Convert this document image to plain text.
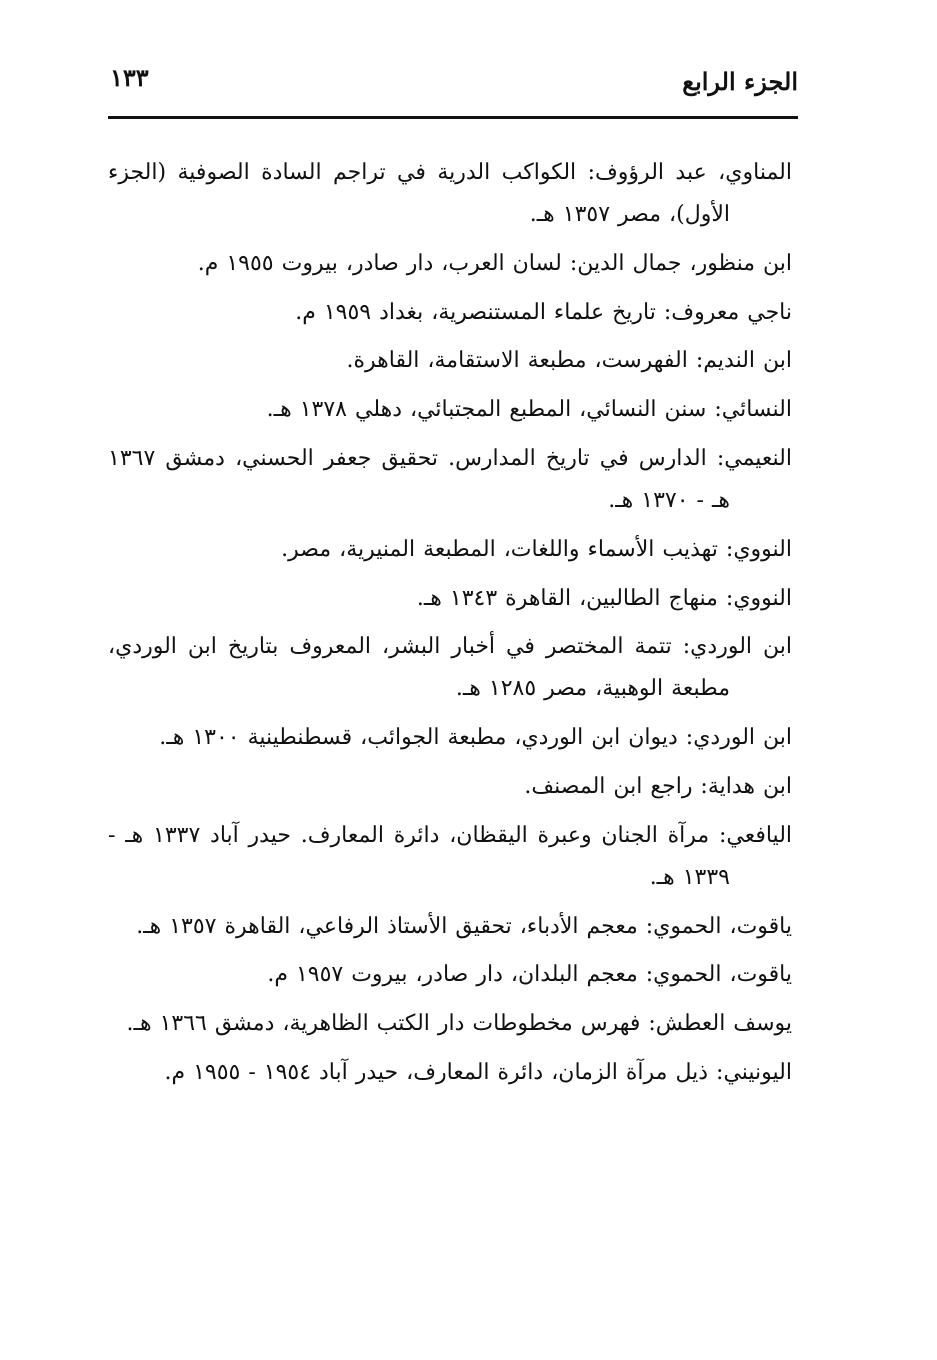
الجزء الرابع
١٣٣
المناوي، عبد الرؤوف: الكواكب الدرية في تراجم السادة الصوفية (الجزء الأول)، مصر ١٣٥٧ هـ.
ابن منظور، جمال الدين: لسان العرب، دار صادر، بيروت ١٩٥٥ م.
ناجي معروف: تاريخ علماء المستنصرية، بغداد ١٩٥٩ م.
ابن النديم: الفهرست، مطبعة الاستقامة، القاهرة.
النسائي: سنن النسائي، المطبع المجتبائي، دهلي ١٣٧٨ هـ.
النعيمي: الدارس في تاريخ المدارس. تحقيق جعفر الحسني، دمشق ١٣٦٧ هـ - ١٣٧٠ هـ.
النووي: تهذيب الأسماء واللغات، المطبعة المنيرية، مصر.
النووي: منهاج الطالبين، القاهرة ١٣٤٣ هـ.
ابن الوردي: تتمة المختصر في أخبار البشر، المعروف بتاريخ ابن الوردي، مطبعة الوهبية، مصر ١٢٨٥ هـ.
ابن الوردي: ديوان ابن الوردي، مطبعة الجوائب، قسطنطينية ١٣٠٠ هـ.
ابن هداية: راجع ابن المصنف.
اليافعي: مرآة الجنان وعبرة اليقظان، دائرة المعارف. حيدر آباد ١٣٣٧ هـ - ١٣٣٩ هـ.
ياقوت، الحموي: معجم الأدباء، تحقيق الأستاذ الرفاعي، القاهرة ١٣٥٧ هـ.
ياقوت، الحموي: معجم البلدان، دار صادر، بيروت ١٩٥٧ م.
يوسف العطش: فهرس مخطوطات دار الكتب الظاهرية، دمشق ١٣٦٦ هـ.
اليونيني: ذيل مرآة الزمان، دائرة المعارف، حيدر آباد ١٩٥٤ - ١٩٥٥ م.
